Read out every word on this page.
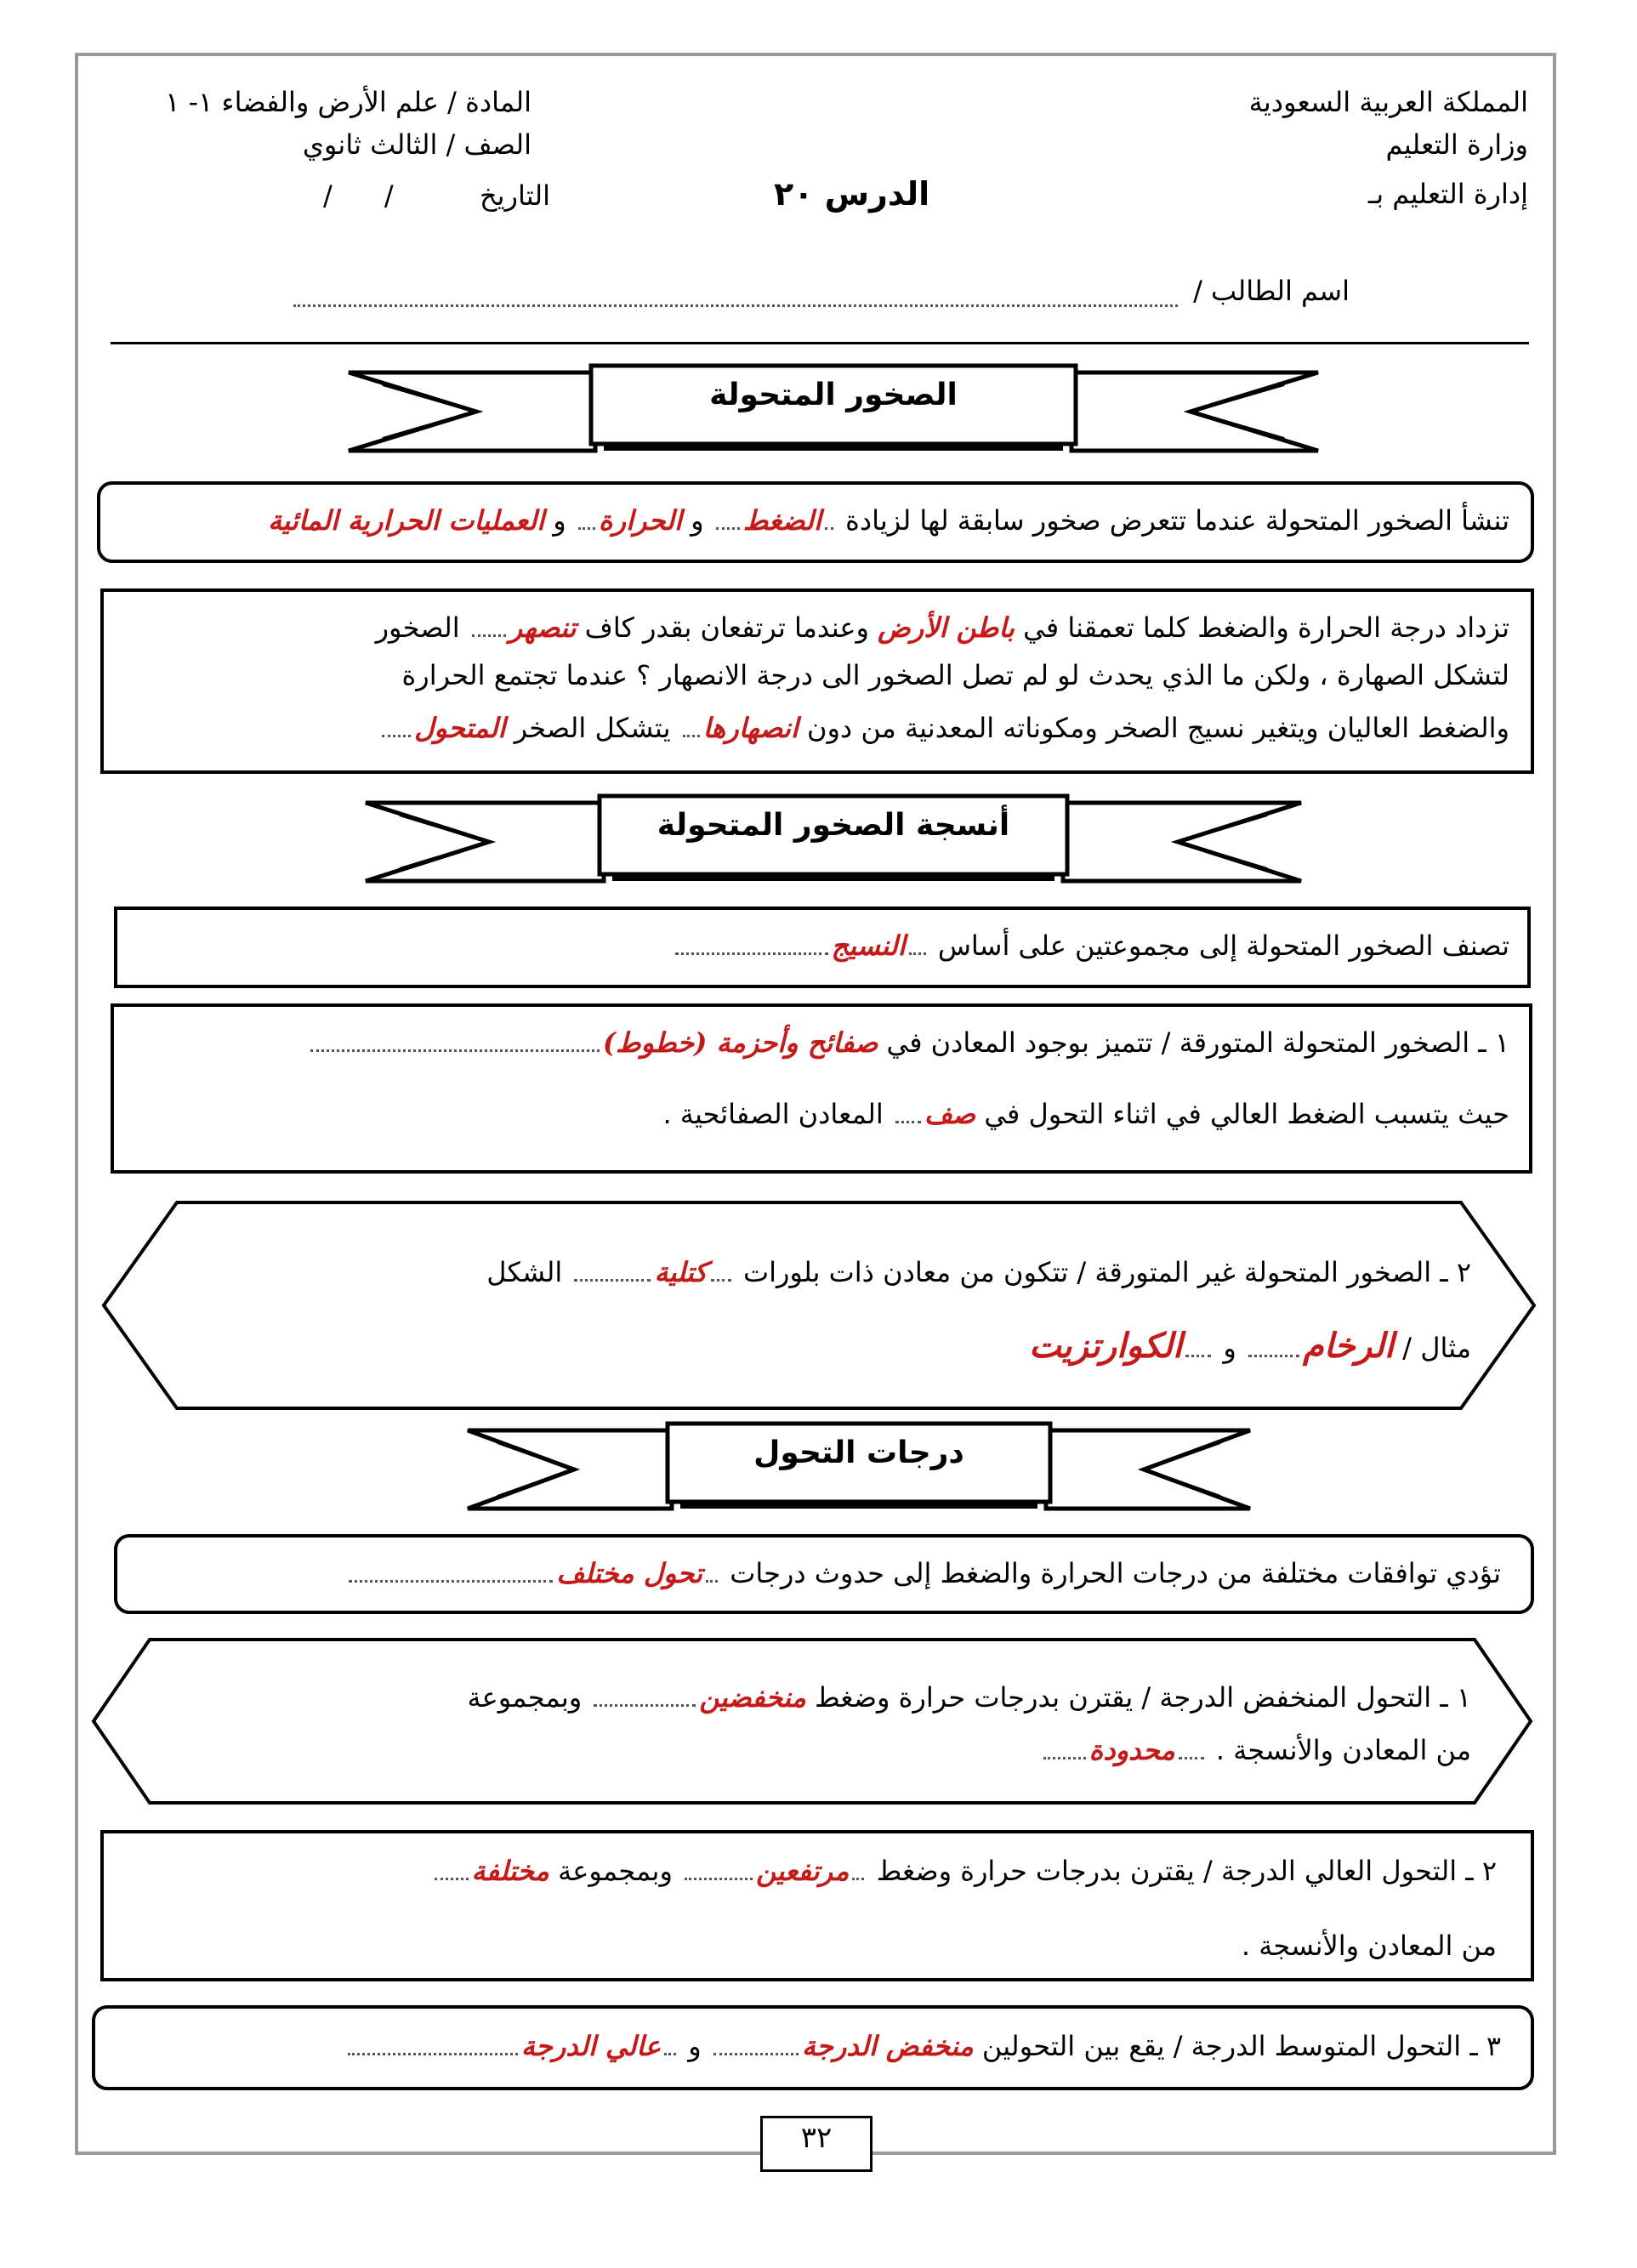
المملكة العربية السعودية
وزارة التعليم
إدارة التعليم بـ
المادة / علم الأرض والفضاء ١- ١
الصف / الثالث ثانوي
التاريخ
/      /	الدرس ٢٠
اسم الطالب /
الصخور المتحولة
تنشأ الصخور المتحولة عندما تتعرض صخور سابقة لها لزيادة الضغط و الحرارة و العمليات الحرارية المائية
تزداد درجة الحرارة والضغط كلما تعمقنا في باطن الأرض وعندما ترتفعان بقدر كاف تنصهر الصخور
لتشكل الصهارة ، ولكن ما الذي يحدث لو لم تصل الصخور الى درجة الانصهار ؟ عندما تجتمع الحرارة
والضغط العاليان ويتغير نسيج الصخر ومكوناته المعدنية من دون انصهارها يتشكل الصخر المتحول
أنسجة الصخور المتحولة
تصنف الصخور المتحولة إلى مجموعتين على أساس النسيج
١ ـ الصخور المتحولة المتورقة / تتميز بوجود المعادن في صفائح وأحزمة (خطوط)
حيث يتسبب الضغط العالي في اثناء التحول في صف المعادن الصفائحية .
٢ ـ الصخور المتحولة غير المتورقة / تتكون من معادن ذات بلورات كتلية الشكل
مثال / الرخام و الكوارتزيت
درجات التحول
تؤدي توافقات مختلفة من درجات الحرارة والضغط إلى حدوث درجات تحول مختلف
١ ـ التحول المنخفض الدرجة / يقترن بدرجات حرارة وضغط منخفضين وبمجموعة
من المعادن والأنسجة . محدودة
٢ ـ التحول العالي الدرجة / يقترن بدرجات حرارة وضغط مرتفعين وبمجموعة مختلفة
من المعادن والأنسجة .
٣ ـ التحول المتوسط الدرجة / يقع بين التحولين منخفض الدرجة و عالي الدرجة
٣٢
